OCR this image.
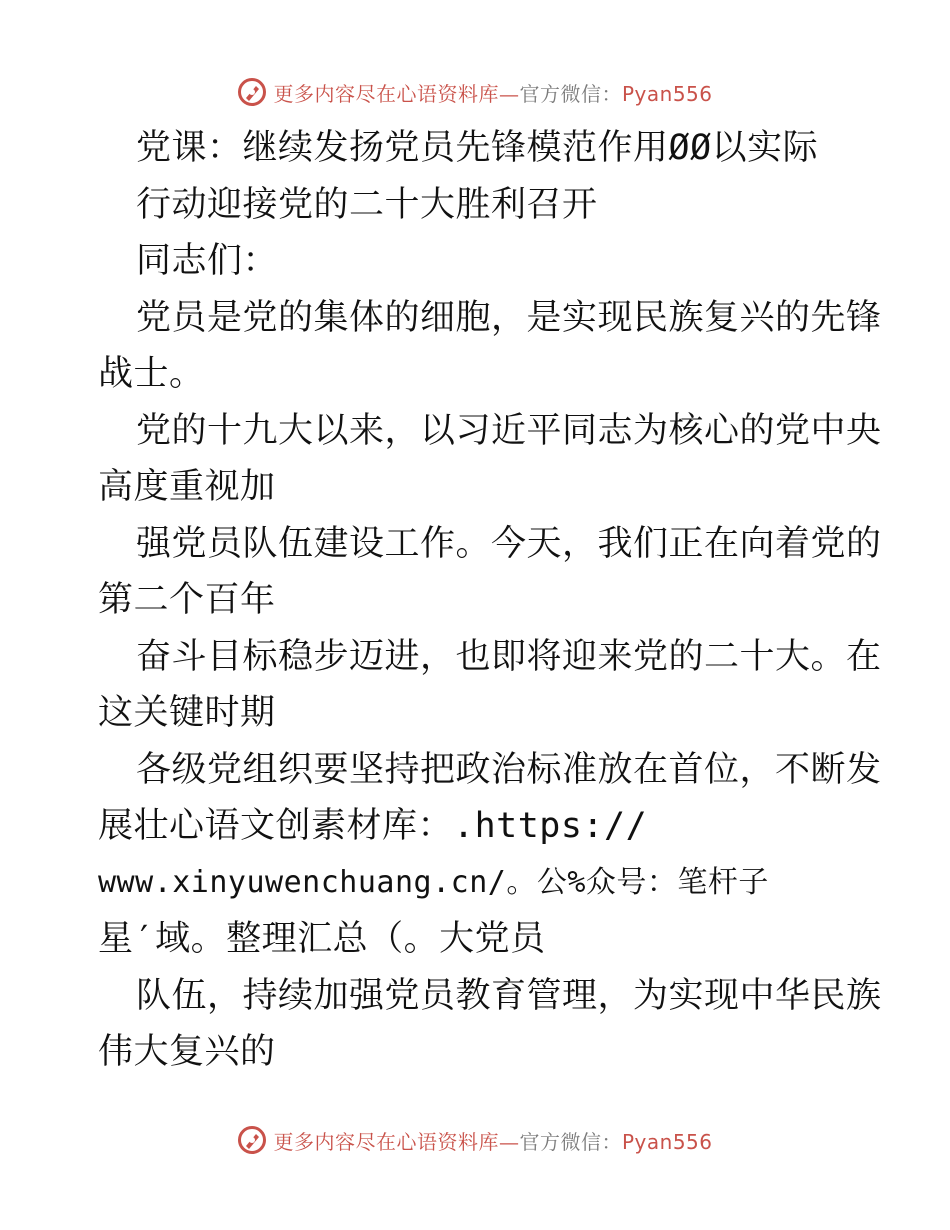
更多内容尽在心语资料库—官方微信：Pyan556
党课：继续发扬党员先锋模范作用ØØ以实际
行动迎接党的二十大胜利召开
同志们：
党员是党的集体的细胞，是实现民族复兴的先锋
战士。
党的十九大以来，以习近平同志为核心的党中央
高度重视加
强党员队伍建设工作。今天，我们正在向着党的
第二个百年
奋斗目标稳步迈进，也即将迎来党的二十大。在
这关键时期
各级党组织要坚持把政治标准放在首位，不断发
展壮心语文创素材库：.https://
www.xinyuwenchuang.cn/。公%众号：笔杆子
星′域。整理汇总（。大党员
队伍，持续加强党员教育管理，为实现中华民族
伟大复兴的
更多内容尽在心语资料库—官方微信：Pyan556
